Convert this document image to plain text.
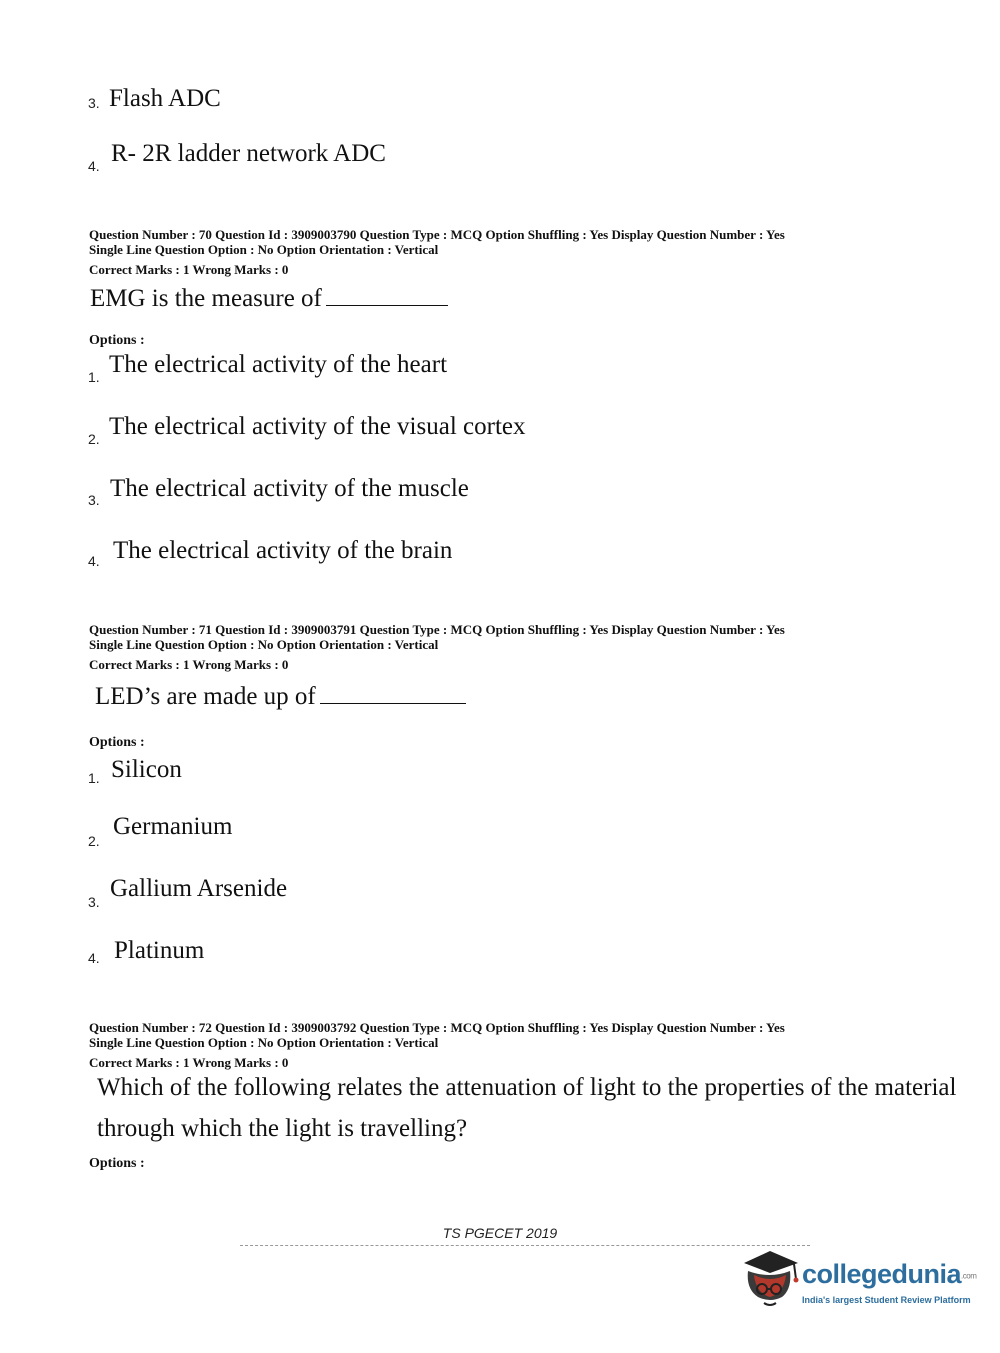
3. Flash ADC
4. R- 2R ladder network ADC
Question Number : 70 Question Id : 3909003790 Question Type : MCQ Option Shuffling : Yes Display Question Number : Yes
Single Line Question Option : No Option Orientation : Vertical
Correct Marks : 1 Wrong Marks : 0
EMG is the measure of
Options :
1. The electrical activity of the heart
2. The electrical activity of the visual cortex
3. The electrical activity of the muscle
4. The electrical activity of the brain
Question Number : 71 Question Id : 3909003791 Question Type : MCQ Option Shuffling : Yes Display Question Number : Yes
Single Line Question Option : No Option Orientation : Vertical
Correct Marks : 1 Wrong Marks : 0
LED’s are made up of
Options :
1. Silicon
2.
Germanium
3. Gallium Arsenide
4. Platinum
Question Number : 72 Question Id : 3909003792 Question Type : MCQ Option Shuffling : Yes Display Question Number : Yes
Single Line Question Option : No Option Orientation : Vertical
Correct Marks : 1 Wrong Marks : 0
Which of the following relates the attenuation of light to the properties of the material
through which the light is travelling?
Options :
TS PGECET 2019
collegedunia.com
India's largest Student Review Platform
